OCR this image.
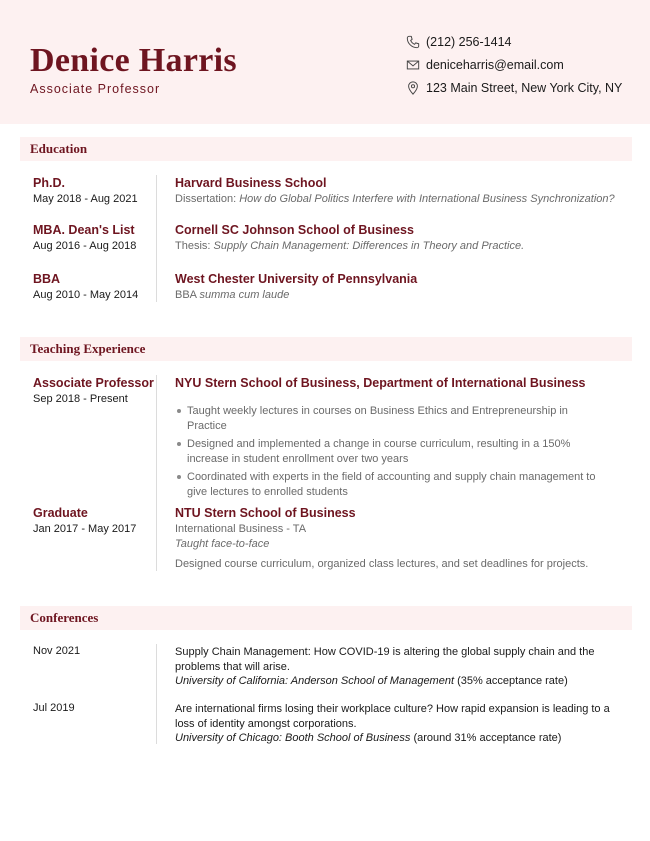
Denice Harris
Associate Professor
(212) 256-1414
deniceharris@email.com
123 Main Street, New York City, NY
Education
Ph.D.
May 2018 - Aug 2021
Harvard Business School
Dissertation: How do Global Politics Interfere with International Business Synchronization?
MBA. Dean's List
Aug 2016 - Aug 2018
Cornell SC Johnson School of Business
Thesis: Supply Chain Management: Differences in Theory and Practice.
BBA
Aug 2010 - May 2014
West Chester University of Pennsylvania
BBA summa cum laude
Teaching Experience
Associate Professor
Sep 2018 - Present
NYU Stern School of Business, Department of International Business
Taught weekly lectures in courses on Business Ethics and Entrepreneurship in Practice
Designed and implemented a change in course curriculum, resulting in a 150% increase in student enrollment over two years
Coordinated with experts in the field of accounting and supply chain management to give lectures to enrolled students
Graduate
Jan 2017 - May 2017
NTU Stern School of Business
International Business - TA
Taught face-to-face
Designed course curriculum, organized class lectures, and set deadlines for projects.
Conferences
Nov 2021	Supply Chain Management: How COVID-19 is altering the global supply chain and the problems that will arise.
University of California: Anderson School of Management (35% acceptance rate)
Jul 2019	Are international firms losing their workplace culture? How rapid expansion is leading to a loss of identity amongst corporations.
University of Chicago: Booth School of Business (around 31% acceptance rate)
